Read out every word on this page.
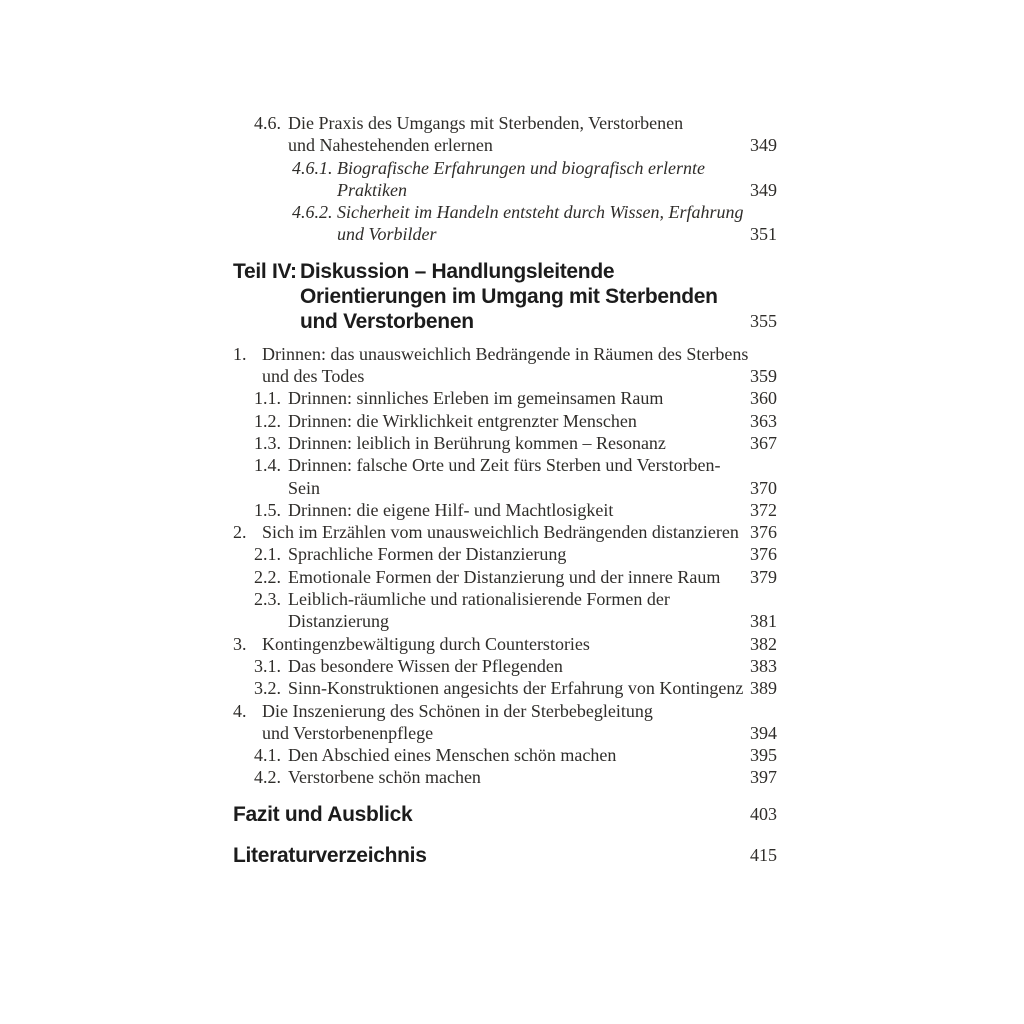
4.6. Die Praxis des Umgangs mit Sterbenden, Verstorbenen
und Nahestehenden erlernen	349
4.6.1. Biografische Erfahrungen und biografisch erlernte
Praktiken	349
4.6.2. Sicherheit im Handeln entsteht durch Wissen, Erfahrung
und Vorbilder	351
Teil IV: Diskussion – Handlungsleitende
Orientierungen im Umgang mit Sterbenden
und Verstorbenen	355
1. Drinnen: das unausweichlich Bedrängende in Räumen des Sterbens
und des Todes	359
1.1. Drinnen: sinnliches Erleben im gemeinsamen Raum	360
1.2. Drinnen: die Wirklichkeit entgrenzter Menschen	363
1.3. Drinnen: leiblich in Berührung kommen – Resonanz	367
1.4. Drinnen: falsche Orte und Zeit fürs Sterben und Verstorben-
Sein	370
1.5. Drinnen: die eigene Hilf- und Machtlosigkeit	372
2. Sich im Erzählen vom unausweichlich Bedrängenden distanzieren 376
2.1. Sprachliche Formen der Distanzierung	376
2.2. Emotionale Formen der Distanzierung und der innere Raum 379
2.3. Leiblich-räumliche und rationalisierende Formen der
Distanzierung	381
3. Kontingenzbewältigung durch Counterstories	382
3.1. Das besondere Wissen der Pflegenden	383
3.2. Sinn-Konstruktionen angesichts der Erfahrung von Kontingenz 389
4. Die Inszenierung des Schönen in der Sterbebegleitung
und Verstorbenenpflege	394
4.1. Den Abschied eines Menschen schön machen	395
4.2. Verstorbene schön machen	397
Fazit und Ausblick	403
Literaturverzeichnis	415
